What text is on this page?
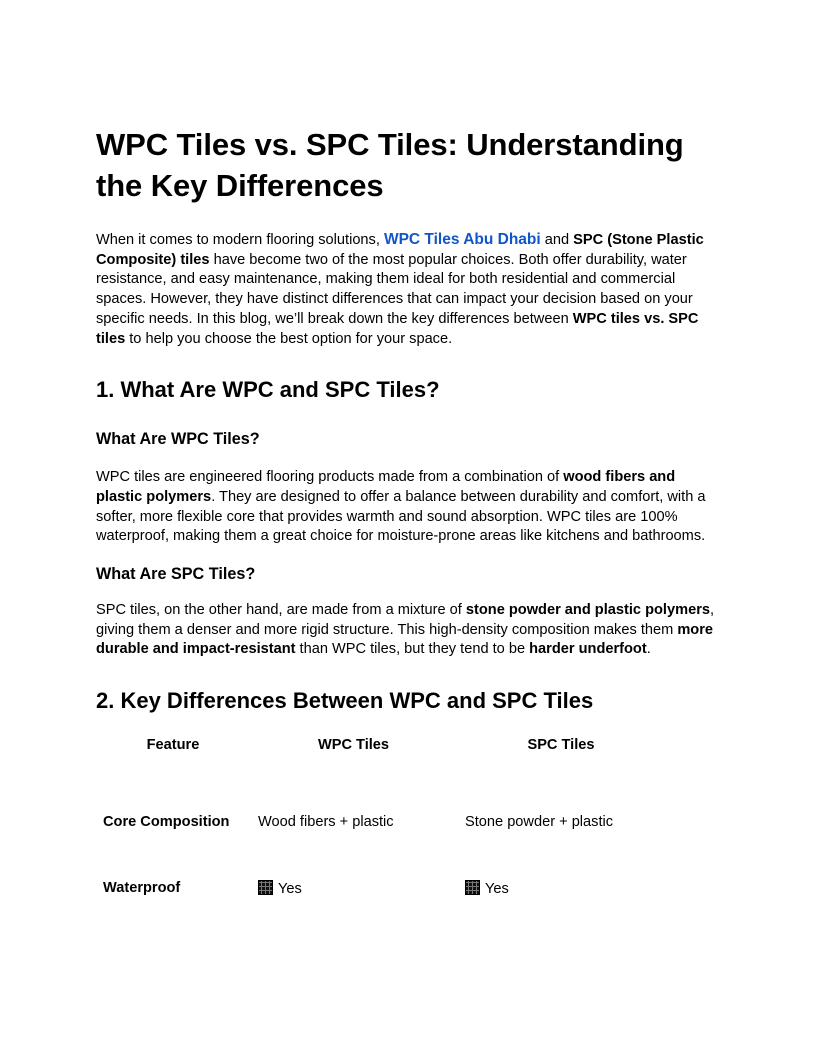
WPC Tiles vs. SPC Tiles: Understanding the Key Differences

When it comes to modern flooring solutions, WPC Tiles Abu Dhabi and SPC (Stone Plastic Composite) tiles have become two of the most popular choices. Both offer durability, water resistance, and easy maintenance, making them ideal for both residential and commercial spaces. However, they have distinct differences that can impact your decision based on your specific needs. In this blog, we’ll break down the key differences between WPC tiles vs. SPC tiles to help you choose the best option for your space.

1. What Are WPC and SPC Tiles?
What Are WPC Tiles?

WPC tiles are engineered flooring products made from a combination of wood fibers and plastic polymers. They are designed to offer a balance between durability and comfort, with a softer, more flexible core that provides warmth and sound absorption. WPC tiles are 100% waterproof, making them a great choice for moisture-prone areas like kitchens and bathrooms.

What Are SPC Tiles?

SPC tiles, on the other hand, are made from a mixture of stone powder and plastic polymers, giving them a denser and more rigid structure. This high-density composition makes them more durable and impact-resistant than WPC tiles, but they tend to be harder underfoot.

2. Key Differences Between WPC and SPC Tiles
Feature	WPC Tiles	SPC Tiles

Core Composition	Wood fibers + plastic	Stone powder + plastic

Waterproof	Yes	Yes
